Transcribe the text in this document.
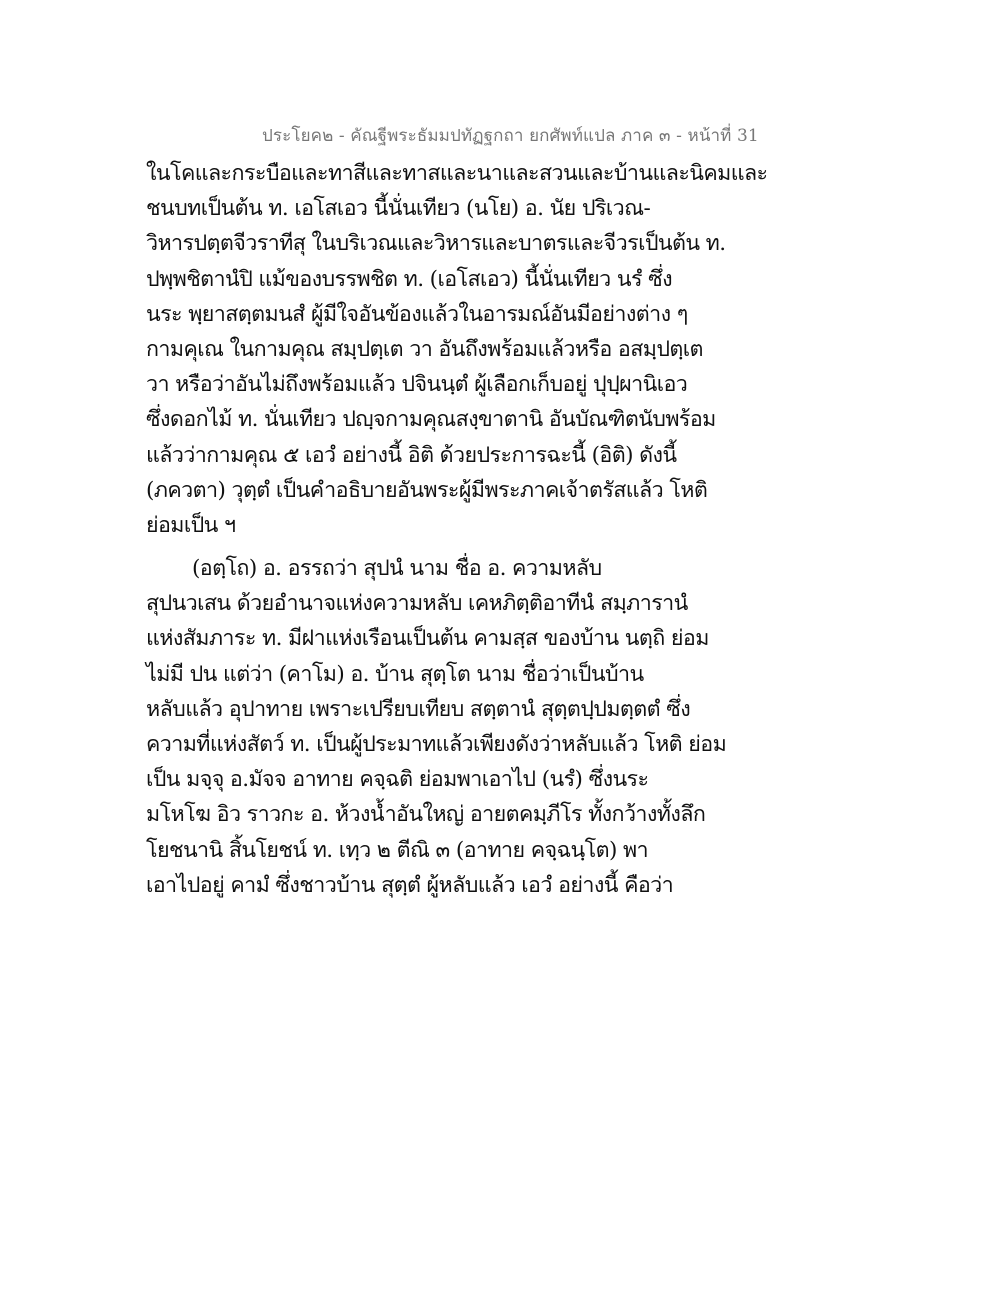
ประโยค๒ - คัณฐีพระธัมมปทัฏฐกถา ยกศัพท์แปล ภาค ๓ - หน้าที่ 31
ในโคและกระบือและทาสีและทาสและนาและสวนและบ้านและนิคมและ
ชนบทเป็นต้น ท. เอโสเอว นี้นั่นเทียว (นโย) อ. นัย ปริเวณ-
วิหารปตฺตจีวราทีสุ ในบริเวณและวิหารและบาตรและจีวรเป็นต้น ท.
ปพฺพชิตานํปิ แม้ของบรรพชิต ท. (เอโสเอว) นี้นั่นเทียว นรํ ซึ่ง
นระ พฺยาสตฺตมนสํ ผู้มีใจอันข้องแล้วในอารมณ์อันมีอย่างต่าง ๆ
กามคุเณ ในกามคุณ สมฺปตฺเต วา อันถึงพร้อมแล้วหรือ อสมฺปตฺเต
วา หรือว่าอันไม่ถึงพร้อมแล้ว ปจินนฺตํ ผู้เลือกเก็บอยู่ ปุปฺผานิเอว
ซึ่งดอกไม้ ท. นั่นเทียว ปญฺจกามคุณสงฺขาตานิ อันบัณฑิตนับพร้อม
แล้วว่ากามคุณ ๕ เอวํ อย่างนี้ อิติ ด้วยประการฉะนี้ (อิติ) ดังนี้
(ภควตา) วุตฺตํ เป็นคำอธิบายอันพระผู้มีพระภาคเจ้าตรัสแล้ว โหติ
ย่อมเป็น ฯ
(อตฺโถ) อ. อรรถว่า สุปนํ นาม ชื่อ อ. ความหลับ
สุปนวเสน ด้วยอำนาจแห่งความหลับ เคหภิตฺติอาทีนํ สมฺภารานํ
แห่งสัมภาระ ท. มีฝาแห่งเรือนเป็นต้น คามสฺส ของบ้าน นตฺถิ ย่อม
ไม่มี ปน แต่ว่า (คาโม) อ. บ้าน สุตฺโต นาม ชื่อว่าเป็นบ้าน
หลับแล้ว อุปาทาย เพราะเปรียบเทียบ สตฺตานํ สุตฺตปฺปมตฺตตํ ซึ่ง
ความที่แห่งสัตว์ ท. เป็นผู้ประมาทแล้วเพียงดังว่าหลับแล้ว โหติ ย่อม
เป็น มจฺจุ อ.มัจจ อาทาย คจฺฉติ ย่อมพาเอาไป (นรํ) ซึ่งนระ
มโหโฆ อิว ราวกะ อ. ห้วงน้ำอันใหญ่ อายตคมฺภีโร ทั้งกว้างทั้งลึก
โยชนานิ สิ้นโยชน์ ท. เทฺว ๒ ตีณิ ๓ (อาทาย คจฺฉนฺโต) พา
เอาไปอยู่ คามํ ซึ่งชาวบ้าน สุตฺตํ ผู้หลับแล้ว เอวํ อย่างนี้ คือว่า
